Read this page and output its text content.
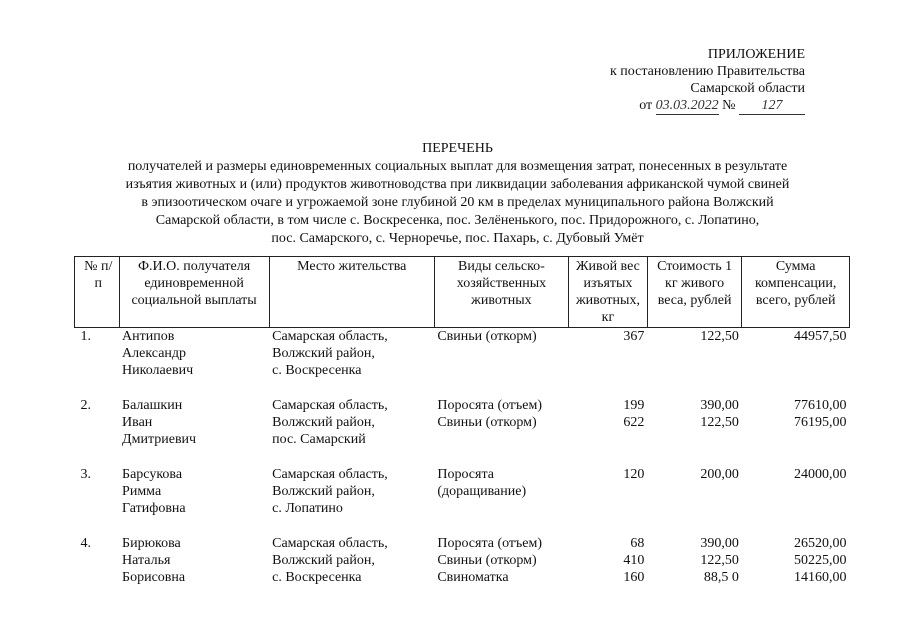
ПРИЛОЖЕНИЕ
к постановлению Правительства
Самарской области
от 03.03.2022 № 127
ПЕРЕЧЕНЬ
получателей и размеры единовременных социальных выплат для возмещения затрат, понесенных в результате
изъятия животных и (или) продуктов животноводства при ликвидации заболевания африканской чумой свиней
в эпизоотическом очаге и угрожаемой зоне глубиной 20 км в пределах муниципального района Волжский
Самарской области, в том числе с. Воскресенка, пос. Зелёненького, пос. Придорожного, с. Лопатино,
пос. Самарского, с. Черноречье, пос. Пахарь, с. Дубовый Умёт
№ п/п	Ф.И.О. получателя единовременной социальной выплаты	Место жительства	Виды сельско-хозяйственных животных	Живой вес изъятых животных, кг	Стоимость 1 кг живого веса, рублей	Сумма компенсации, всего, рублей
1.	Антипов	Самарская область,	Свиньи (откорм)	367	122,50	44957,50
	Александр	Волжский район,				
	Николаевич	с. Воскресенка				

2.	Балашкин	Самарская область,	Поросята (отъем)	199	390,00	77610,00
	Иван	Волжский район,	Свиньи (откорм)	622	122,50	76195,00
	Дмитриевич	пос. Самарский				

3.	Барсукова	Самарская область,	Поросята	120	200,00	24000,00
	Римма	Волжский район,	(доращивание)			
	Гатифовна	с. Лопатино				

4.	Бирюкова	Самарская область,	Поросята (отъем)	68	390,00	26520,00
	Наталья	Волжский район,	Свиньи (откорм)	410	122,50	50225,00
	Борисовна	с. Воскресенка	Свиноматка	160	88,5 0	14160,00
